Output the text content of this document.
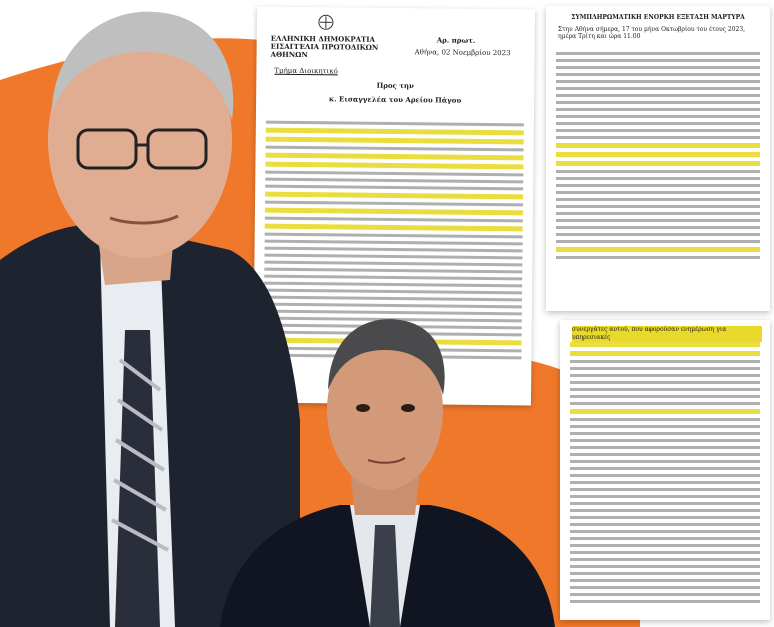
ΕΛΛΗΝΙΚΗ ΔΗΜΟΚΡΑΤΙΑ
ΕΙΣΑΓΓΕΛΙΑ ΠΡΩΤΟΔΙΚΩΝ
ΑΘΗΝΩΝ
Αρ. πρωτ.
Αθήνα, 02 Νοεμβρίου 2023
Τμήμα Διοικητικό
Προς την
κ. Εισαγγελέα του Αρείου Πάγου
ΣΥΜΠΛΗΡΩΜΑΤΙΚΗ ΕΝΟΡΚΗ ΕΞΕΤΑΣΗ ΜΑΡΤΥΡΑ
Στην Αθήνα σήμερα, 17 του μήνα Οκτωβρίου του έτους 2023, ημέρα Τρίτη και ώρα 11.00
συνεργάτες αυτού, που αφορούσαν ενημέρωση για υπηρεσιακές
